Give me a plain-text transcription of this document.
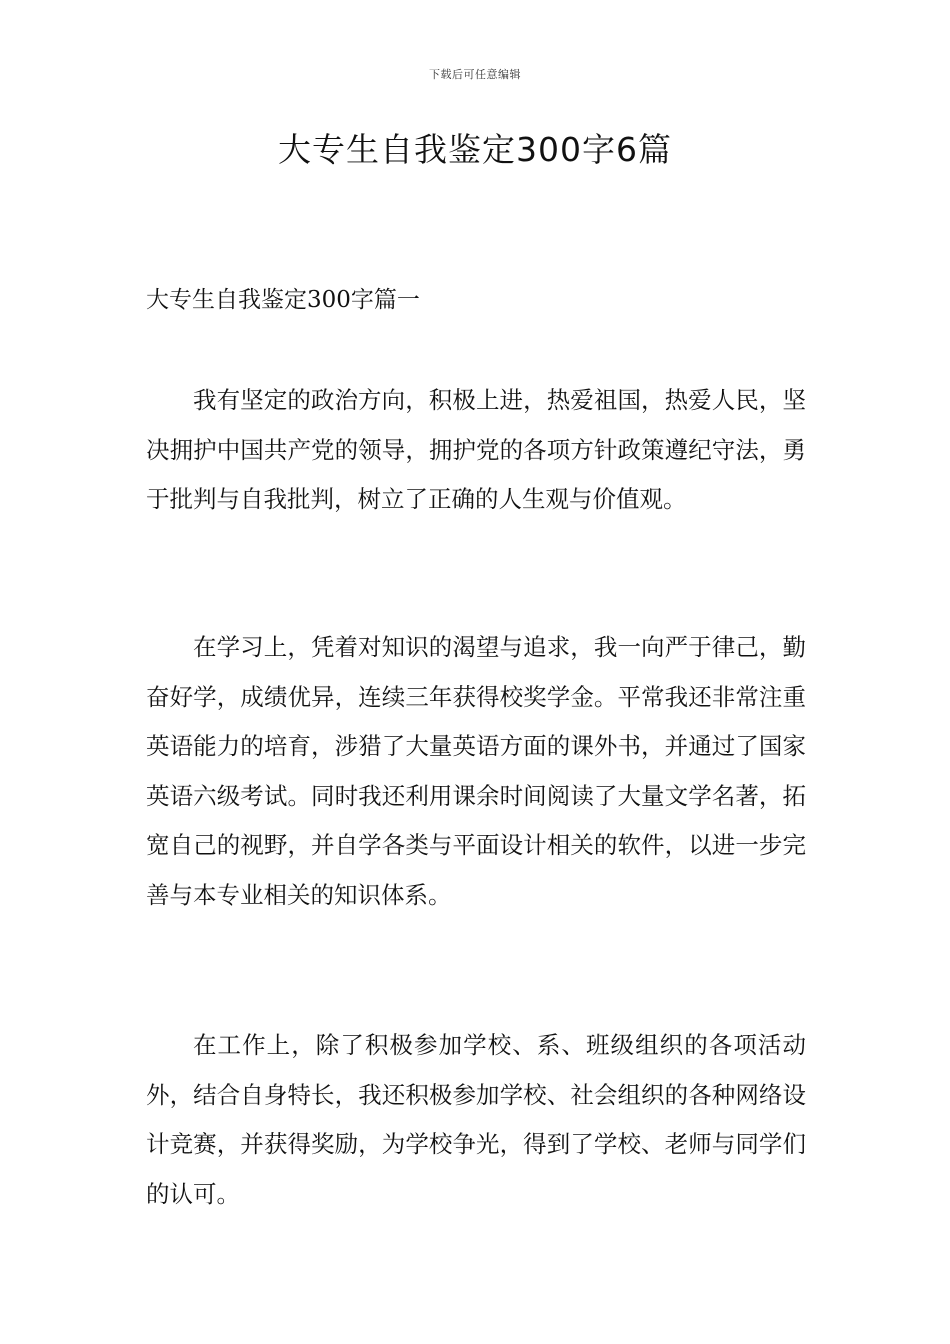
下载后可任意编辑
大专生自我鉴定300字6篇
大专生自我鉴定300字篇一

我有坚定的政治方向，积极上进，热爱祖国，热爱人民，坚决拥护中国共产党的领导，拥护党的各项方针政策遵纪守法，勇于批判与自我批判，树立了正确的人生观与价值观。

在学习上，凭着对知识的渴望与追求，我一向严于律己，勤奋好学，成绩优异，连续三年获得校奖学金。平常我还非常注重英语能力的培育，涉猎了大量英语方面的课外书，并通过了国家英语六级考试。同时我还利用课余时间阅读了大量文学名著，拓宽自己的视野，并自学各类与平面设计相关的软件，以进一步完善与本专业相关的知识体系。

在工作上，除了积极参加学校、系、班级组织的各项活动外，结合自身特长，我还积极参加学校、社会组织的各种网络设计竞赛，并获得奖励，为学校争光，得到了学校、老师与同学们的认可。
